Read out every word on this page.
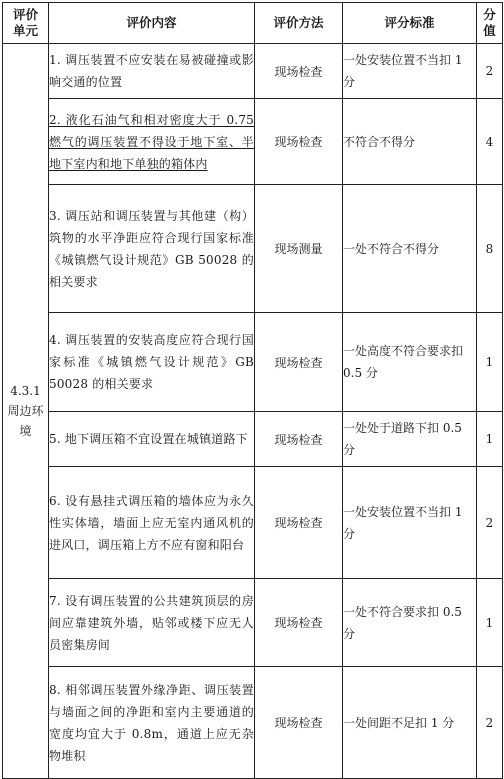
评价
单元	评价内容	评价方法	评分标准	分
值

4.3.1
周边环境	1. 调压装置不应安装在易被碰撞或影响交通的位置	现场检查	一处安装位置不当扣 1 分	2
	2. 液化石油气和相对密度大于 0.75 燃气的调压装置不得设于地下室、半地下室内和地下单独的箱体内	现场检查	不符合不得分	4
	3. 调压站和调压装置与其他建（构）筑物的水平净距应符合现行国家标准《城镇燃气设计规范》GB 50028 的相关要求	现场测量	一处不符合不得分	8
	4. 调压装置的安装高度应符合现行国家标准《城镇燃气设计规范》GB 50028 的相关要求	现场检查	一处高度不符合要求扣 0.5 分	1
	5. 地下调压箱不宜设置在城镇道路下	现场检查	一处处于道路下扣 0.5 分	1
	6. 设有悬挂式调压箱的墙体应为永久性实体墙，墙面上应无室内通风机的进风口，调压箱上方不应有窗和阳台	现场检查	一处安装位置不当扣 1 分	2
	7. 设有调压装置的公共建筑顶层的房间应靠建筑外墙，贴邻或楼下应无人员密集房间	现场检查	一处不符合要求扣 0.5 分	1
	8. 相邻调压装置外缘净距、调压装置与墙面之间的净距和室内主要通道的宽度均宜大于 0.8m，通道上应无杂物堆积	现场检查	一处间距不足扣 1 分	2
